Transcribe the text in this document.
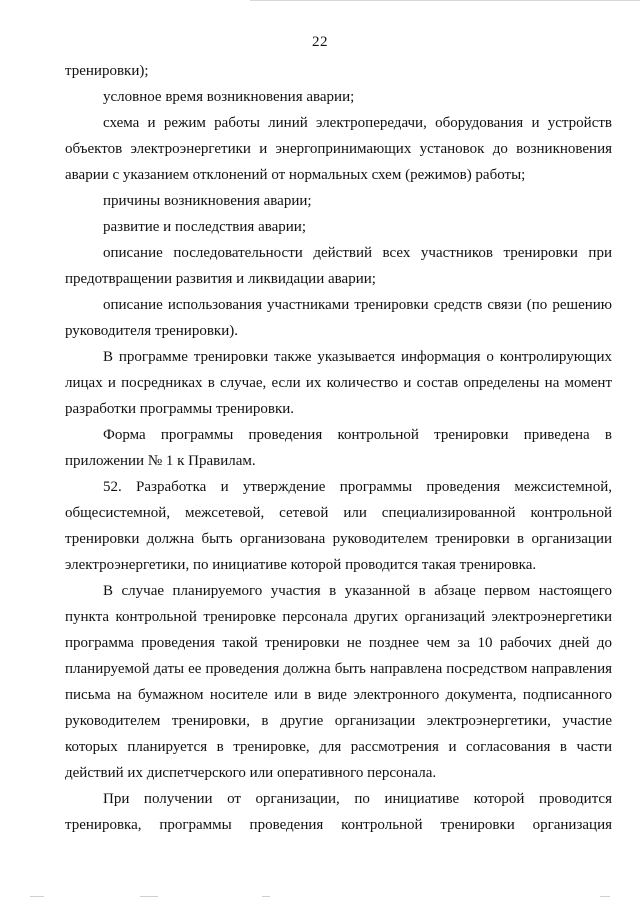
22

тренировки);

условное время возникновения аварии;

схема и режим работы линий электропередачи, оборудования и устройств объектов электроэнергетики и энергопринимающих установок до возникновения аварии с указанием отклонений от нормальных схем (режимов) работы;

причины возникновения аварии;

развитие и последствия аварии;

описание последовательности действий всех участников тренировки при предотвращении развития и ликвидации аварии;

описание использования участниками тренировки средств связи (по решению руководителя тренировки).

В программе тренировки также указывается информация о контролирующих лицах и посредниках в случае, если их количество и состав определены на момент разработки программы тренировки.

Форма программы проведения контрольной тренировки приведена в приложении № 1 к Правилам.

52. Разработка и утверждение программы проведения межсистемной, общесистемной, межсетевой, сетевой или специализированной контрольной тренировки должна быть организована руководителем тренировки в организации электроэнергетики, по инициативе которой проводится такая тренировка.

В случае планируемого участия в указанной в абзаце первом настоящего пункта контрольной тренировке персонала других организаций электроэнергетики программа проведения такой тренировки не позднее чем за 10 рабочих дней до планируемой даты ее проведения должна быть направлена посредством направления письма на бумажном носителе или в виде электронного документа, подписанного руководителем тренировки, в другие организации электроэнергетики, участие которых планируется в тренировке, для рассмотрения и согласования в части действий их диспетчерского или оперативного персонала.

При получении от организации, по инициативе которой проводится тренировка, программы проведения контрольной тренировки организация
